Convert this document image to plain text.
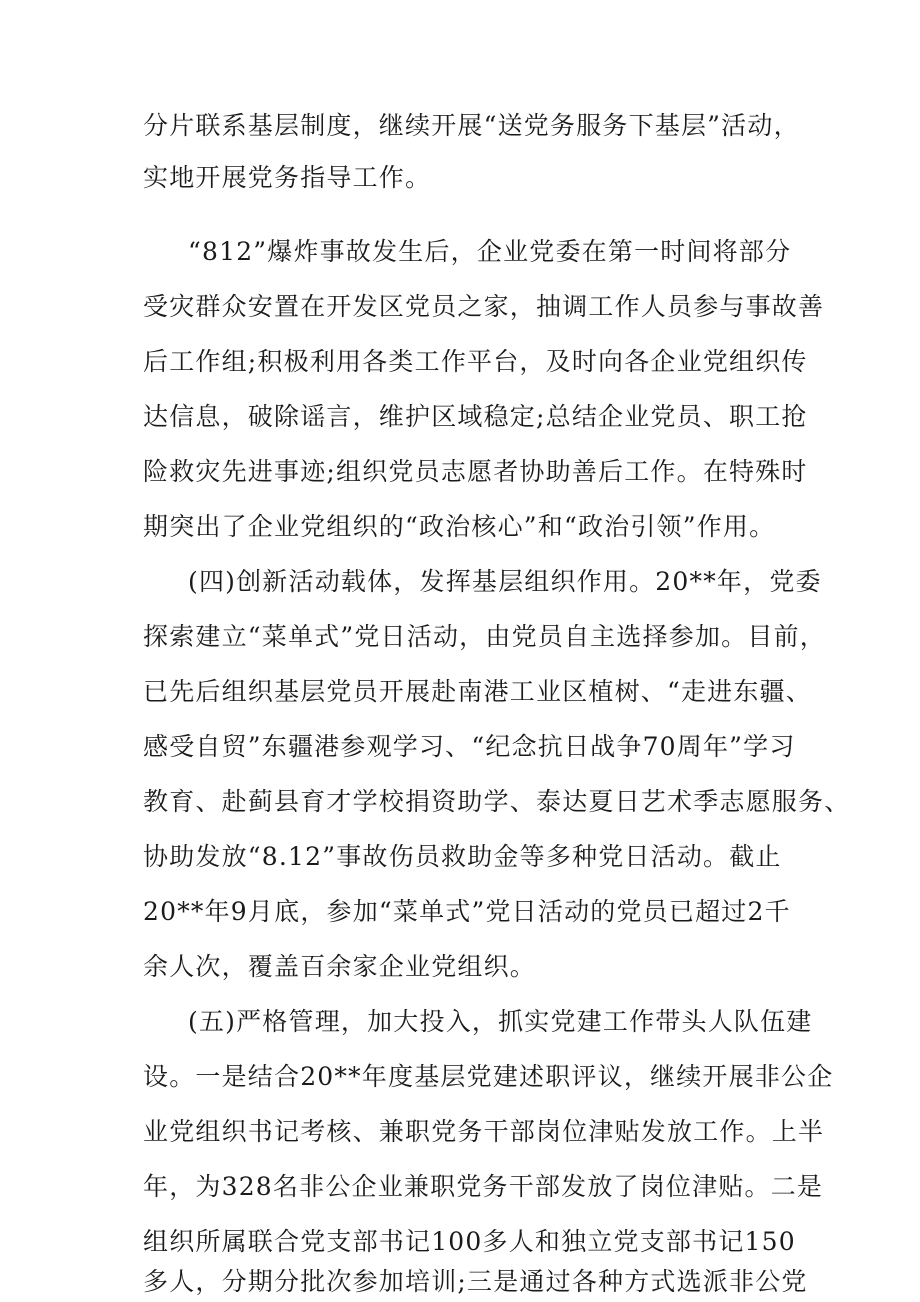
分片联系基层制度，继续开展“送党务服务下基层”活动，
实地开展党务指导工作。
“812”爆炸事故发生后，企业党委在第一时间将部分
受灾群众安置在开发区党员之家，抽调工作人员参与事故善
后工作组;积极利用各类工作平台，及时向各企业党组织传
达信息，破除谣言，维护区域稳定;总结企业党员、职工抢
险救灾先进事迹;组织党员志愿者协助善后工作。在特殊时
期突出了企业党组织的“政治核心”和“政治引领”作用。
(四)创新活动载体，发挥基层组织作用。20**年，党委
探索建立“菜单式”党日活动，由党员自主选择参加。目前，
已先后组织基层党员开展赴南港工业区植树、“走进东疆、
感受自贸”东疆港参观学习、“纪念抗日战争70周年”学习
教育、赴蓟县育才学校捐资助学、泰达夏日艺术季志愿服务、
协助发放“8.12”事故伤员救助金等多种党日活动。截止
20**年9月底，参加“菜单式”党日活动的党员已超过2千
余人次，覆盖百余家企业党组织。
(五)严格管理，加大投入，抓实党建工作带头人队伍建
设。一是结合20**年度基层党建述职评议，继续开展非公企
业党组织书记考核、兼职党务干部岗位津贴发放工作。上半
年，为328名非公企业兼职党务干部发放了岗位津贴。二是
组织所属联合党支部书记100多人和独立党支部书记150
多人，分期分批次参加培训;三是通过各种方式选派非公党
